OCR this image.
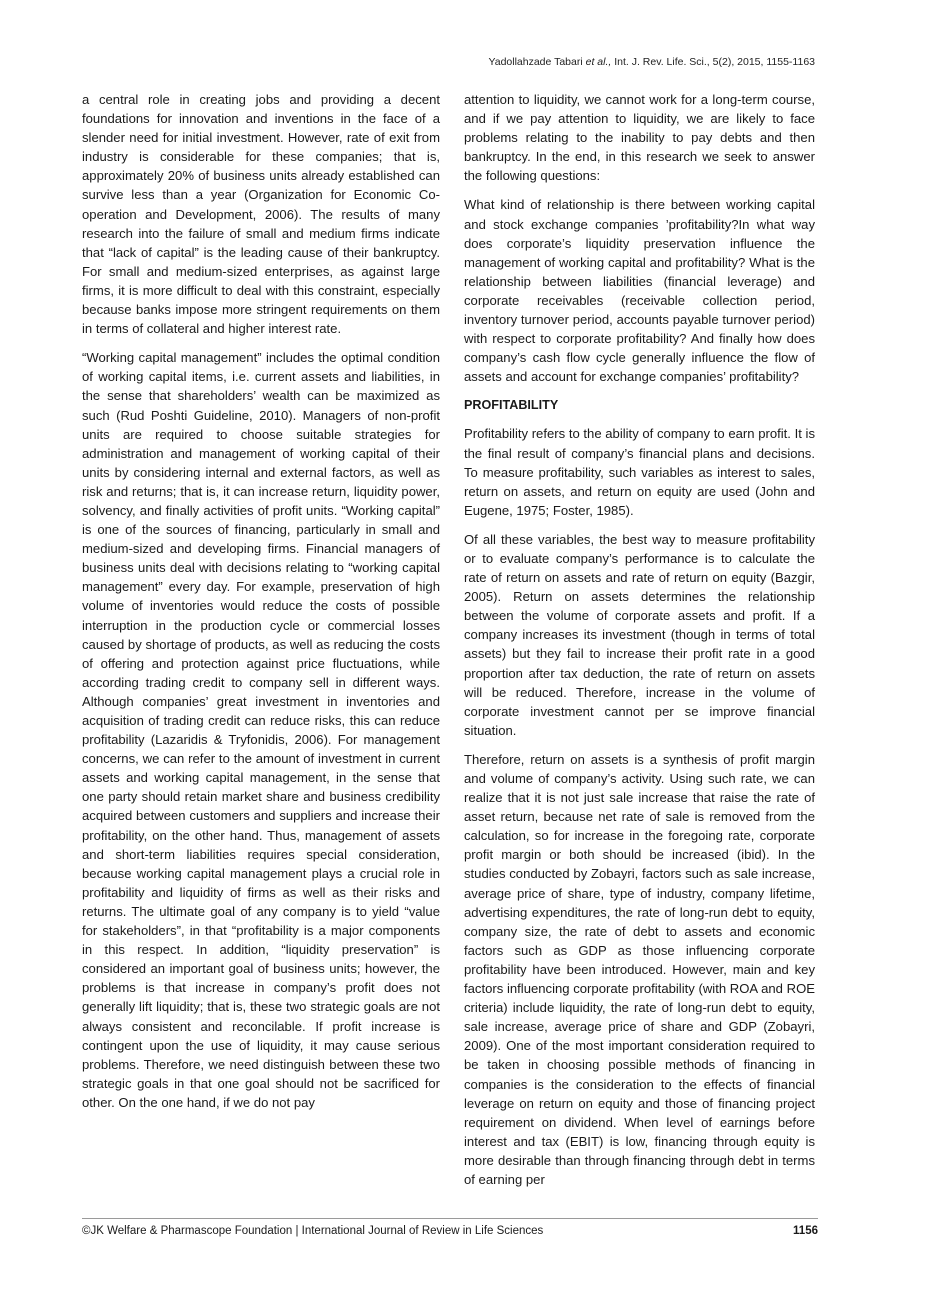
Yadollahzade Tabari et al., Int. J. Rev. Life. Sci., 5(2), 2015, 1155-1163

a central role in creating jobs and providing a decent foundations for innovation and inventions in the face of a slender need for initial investment. However, rate of exit from industry is considerable for these companies; that is, approximately 20% of business units already established can survive less than a year (Organization for Economic Co-operation and Development, 2006). The results of many research into the failure of small and medium firms indicate that “lack of capital” is the leading cause of their bankruptcy. For small and medium-sized enterprises, as against large firms, it is more difficult to deal with this constraint, especially because banks impose more stringent requirements on them in terms of collateral and higher interest rate.

“Working capital management” includes the optimal condition of working capital items, i.e. current assets and liabilities, in the sense that shareholders’ wealth can be maximized as such (Rud Poshti Guideline, 2010). Managers of non-profit units are required to choose suitable strategies for administration and management of working capital of their units by considering internal and external factors, as well as risk and returns; that is, it can increase return, liquidity power, solvency, and finally activities of profit units. “Working capital” is one of the sources of financing, particularly in small and medium-sized and developing firms. Financial managers of business units deal with decisions relating to “working capital management” every day. For example, preservation of high volume of inventories would reduce the costs of possible interruption in the production cycle or commercial losses caused by shortage of products, as well as reducing the costs of offering and protection against price fluctuations, while according trading credit to company sell in different ways. Although companies’ great investment in inventories and acquisition of trading credit can reduce risks, this can reduce profitability (Lazaridis & Tryfonidis, 2006). For management concerns, we can refer to the amount of investment in current assets and working capital management, in the sense that one party should retain market share and business credibility acquired between customers and suppliers and increase their profitability, on the other hand. Thus, management of assets and short-term liabilities requires special consideration, because working capital management plays a crucial role in profitability and liquidity of firms as well as their risks and returns. The ultimate goal of any company is to yield “value for stakeholders”, in that “profitability is a major components in this respect. In addition, “liquidity preservation” is considered an important goal of business units; however, the problems is that increase in company’s profit does not generally lift liquidity; that is, these two strategic goals are not always consistent and reconcilable. If profit increase is contingent upon the use of liquidity, it may cause serious problems. Therefore, we need distinguish between these two strategic goals in that one goal should not be sacrificed for other. On the one hand, if we do not pay

attention to liquidity, we cannot work for a long-term course, and if we pay attention to liquidity, we are likely to face problems relating to the inability to pay debts and then bankruptcy. In the end, in this research we seek to answer the following questions:

What kind of relationship is there between working capital and stock exchange companies ’profitability?In what way does corporate’s liquidity preservation influence the management of working capital and profitability? What is the relationship between liabilities (financial leverage) and corporate receivables (receivable collection period, inventory turnover period, accounts payable turnover period) with respect to corporate profitability? And finally how does company’s cash flow cycle generally influence the flow of assets and account for exchange companies’ profitability?

PROFITABILITY

Profitability refers to the ability of company to earn profit. It is the final result of company’s financial plans and decisions. To measure profitability, such variables as interest to sales, return on assets, and return on equity are used (John and Eugene, 1975; Foster, 1985).

Of all these variables, the best way to measure profitability or to evaluate company’s performance is to calculate the rate of return on assets and rate of return on equity (Bazgir, 2005). Return on assets determines the relationship between the volume of corporate assets and profit. If a company increases its investment (though in terms of total assets) but they fail to increase their profit rate in a good proportion after tax deduction, the rate of return on assets will be reduced. Therefore, increase in the volume of corporate investment cannot per se improve financial situation.

Therefore, return on assets is a synthesis of profit margin and volume of company’s activity. Using such rate, we can realize that it is not just sale increase that raise the rate of asset return, because net rate of sale is removed from the calculation, so for increase in the foregoing rate, corporate profit margin or both should be increased (ibid). In the studies conducted by Zobayri, factors such as sale increase, average price of share, type of industry, company lifetime, advertising expenditures, the rate of long-run debt to equity, company size, the rate of debt to assets and economic factors such as GDP as those influencing corporate profitability have been introduced. However, main and key factors influencing corporate profitability (with ROA and ROE criteria) include liquidity, the rate of long-run debt to equity, sale increase, average price of share and GDP (Zobayri, 2009). One of the most important consideration required to be taken in choosing possible methods of financing in companies is the consideration to the effects of financial leverage on return on equity and those of financing project requirement on dividend. When level of earnings before interest and tax (EBIT) is low, financing through equity is more desirable than through financing through debt in terms of earning per

©JK Welfare & Pharmascope Foundation | International Journal of Review in Life Sciences	1156
